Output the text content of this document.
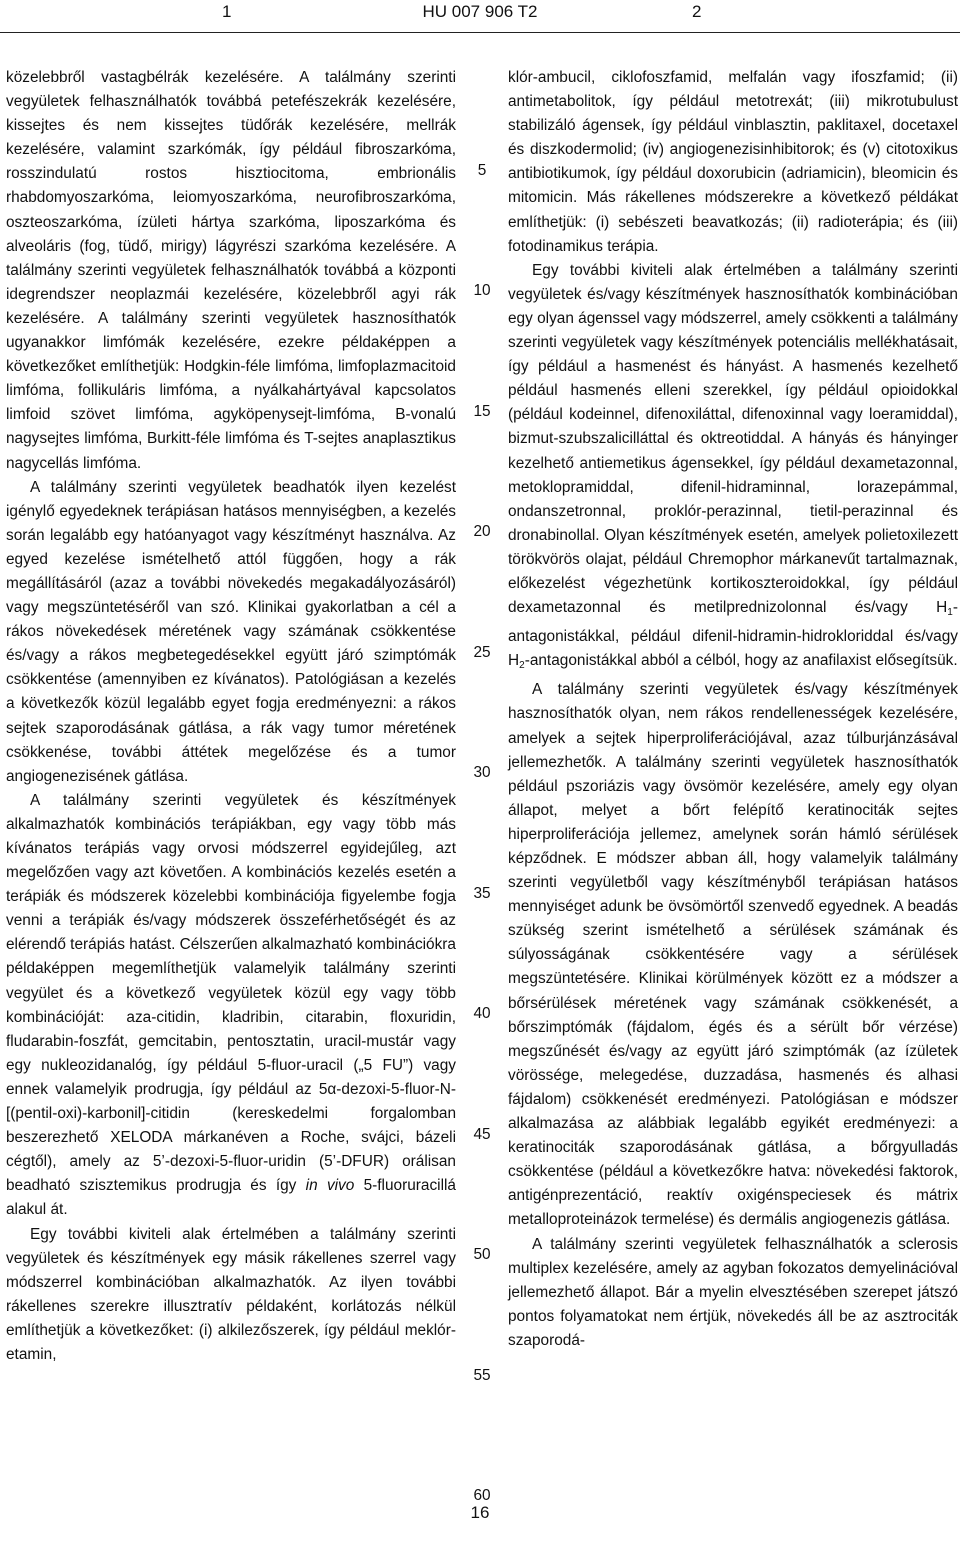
1	HU 007 906 T2	2

közelebbről vastagbélrák kezelésére. A találmány szerinti vegyületek felhasználhatók továbbá petefészekrák kezelésére, kissejtes és nem kissejtes tüdőrák kezelésére, mellrák kezelésére, valamint szarkómák, így például fibroszarkóma, rosszindulatú rostos hisztiocitoma, embrionális rhabdomyoszarkóma, leiomyoszarkóma, neurofibroszarkóma, oszteoszarkóma, ízületi hártya szarkóma, liposzarkóma és alveoláris (fog, tüdő, mirigy) lágyrészi szarkóma kezelésére. A találmány szerinti vegyületek felhasználhatók továbbá a központi idegrendszer neoplazmái kezelésére, közelebbről agyi rák kezelésére. A találmány szerinti vegyületek hasznosíthatók ugyanakkor limfómák kezelésére, ezekre példaképpen a következőket említhetjük: Hodgkin-féle limfóma, limfoplazmacitoid limfóma, follikuláris limfóma, a nyálkahártyával kapcsolatos limfoid szövet limfóma, agyköpenysejt-limfóma, B-vonalú nagysejtes limfóma, Burkitt-féle limfóma és T-sejtes anaplasztikus nagycellás limfóma.

A találmány szerinti vegyületek beadhatók ilyen kezelést igénylő egyedeknek terápiásan hatásos mennyiségben, a kezelés során legalább egy hatóanyagot vagy készítményt használva. Az egyed kezelése ismételhető attól függően, hogy a rák megállításáról (azaz a további növekedés megakadályozásáról) vagy megszüntetéséről van szó. Klinikai gyakorlatban a cél a rákos növekedések méretének vagy számának csökkentése és/vagy a rákos megbetegedésekkel együtt járó szimptómák csökkentése (amennyiben ez kívánatos). Patológiásan a kezelés a következők közül legalább egyet fogja eredményezni: a rákos sejtek szaporodásának gátlása, a rák vagy tumor méretének csökkenése, további áttétek megelőzése és a tumor angiogenezisének gátlása.

A találmány szerinti vegyületek és készítmények alkalmazhatók kombinációs terápiákban, egy vagy több más kívánatos terápiás vagy orvosi módszerrel egyidejűleg, azt megelőzően vagy azt követően. A kombinációs kezelés esetén a terápiák és módszerek közelebbi kombinációja figyelembe fogja venni a terápiák és/vagy módszerek összeférhetőségét és az elérendő terápiás hatást. Célszerűen alkalmazható kombinációkra példaképpen megemlíthetjük valamelyik találmány szerinti vegyület és a következő vegyületek közül egy vagy több kombinációját: aza-citidin, kladribin, citarabin, floxuridin, fludarabin-foszfát, gemcitabin, pentosztatin, uracil-mustár vagy egy nukleozidanalóg, így például 5-fluor-uracil („5 FU”) vagy ennek valamelyik prodrugja, így például az 5α-dezoxi-5-fluor-N-[(pentil-oxi)-karbonil]-citidin (kereskedelmi forgalomban beszerezhető XELODA márkanéven a Roche, svájci, bázeli cégtől), amely az 5’-dezoxi-5-fluor-uridin (5’-DFUR) orálisan beadható szisztemikus prodrugja és így in vivo 5-fluoruracillá alakul át.

Egy további kiviteli alak értelmében a találmány szerinti vegyületek és készítmények egy másik rákellenes szerrel vagy módszerrel kombinációban alkalmazhatók. Az ilyen további rákellenes szerekre illusztratív példaként, korlátozás nélkül említhetjük a következőket: (i) alkilezőszerek, így például meklór-etamin,

5
10
15
20
25
30
35
40
45
50
55
60

klór-ambucil, ciklofoszfamid, melfalán vagy ifoszfamid; (ii) antimetabolitok, így például metotrexát; (iii) mikrotubulust stabilizáló ágensek, így például vinblasztin, paklitaxel, docetaxel és diszkodermolid; (iv) angiogenezisinhibitorok; és (v) citotoxikus antibiotikumok, így például doxorubicin (adriamicin), bleomicin és mitomicin. Más rákellenes módszerekre a következő példákat említhetjük: (i) sebészeti beavatkozás; (ii) radioterápia; és (iii) fotodinamikus terápia.

Egy további kiviteli alak értelmében a találmány szerinti vegyületek és/vagy készítmények hasznosíthatók kombinációban egy olyan ágenssel vagy módszerrel, amely csökkenti a találmány szerinti vegyületek vagy készítmények potenciális mellékhatásait, így például a hasmenést és hányást. A hasmenés kezelhető például hasmenés elleni szerekkel, így például opioidokkal (például kodeinnel, difenoxiláttal, difenoxinnal vagy loeramiddal), bizmut-szubszalicilláttal és oktreotiddal. A hányás és hányinger kezelhető antiemetikus ágensekkel, így például dexametazonnal, metoklopramiddal, difenil-hidraminnal, lorazepámmal, ondanszetronnal, proklór-perazinnal, tietil-perazinnal és dronabinollal. Olyan készítmények esetén, amelyek polietoxilezett törökvörös olajat, például Chremophor márkanevűt tartalmaznak, előkezelést végezhetünk kortikoszteroidokkal, így például dexametazonnal és metilprednizolonnal és/vagy $H_1$-antagonistákkal, például difenil-hidramin-hidrokloriddal és/vagy $H_2$-antagonistákkal abból a célból, hogy az anafilaxist elősegítsük.

A találmány szerinti vegyületek és/vagy készítmények hasznosíthatók olyan, nem rákos rendellenességek kezelésére, amelyek a sejtek hiperproliferációjával, azaz túlburjánzásával jellemezhetők. A találmány szerinti vegyületek hasznosíthatók például pszoriázis vagy övsömör kezelésére, amely egy olyan állapot, melyet a bőrt felépítő keratinociták sejtes hiperproliferációja jellemez, amelynek során hámló sérülések képződnek. E módszer abban áll, hogy valamelyik találmány szerinti vegyületből vagy készítményből terápiásan hatásos mennyiséget adunk be övsömörtől szenvedő egyednek. A beadás szükség szerint ismételhető a sérülések számának és súlyosságának csökkentésére vagy a sérülések megszüntetésére. Klinikai körülmények között ez a módszer a bőrsérülések méretének vagy számának csökkenését, a bőrszimptómák (fájdalom, égés és a sérült bőr vérzése) megszűnését és/vagy az együtt járó szimptómák (az ízületek vörössége, melegedése, duzzadása, hasmenés és alhasi fájdalom) csökkenését eredményezi. Patológiásan e módszer alkalmazása az alábbiak legalább egyikét eredményezi: a keratinociták szaporodásának gátlása, a bőrgyulladás csökkentése (például a következőkre hatva: növekedési faktorok, antigénprezentáció, reaktív oxigénspeciesek és mátrix metalloproteinázok termelése) és dermális angiogenezis gátlása.

A találmány szerinti vegyületek felhasználhatók a sclerosis multiplex kezelésére, amely az agyban fokozatos demyelinációval jellemezhető állapot. Bár a myelin elvesztésében szerepet játszó pontos folyamatokat nem értjük, növekedés áll be az asztrociták szaporodá-

16
